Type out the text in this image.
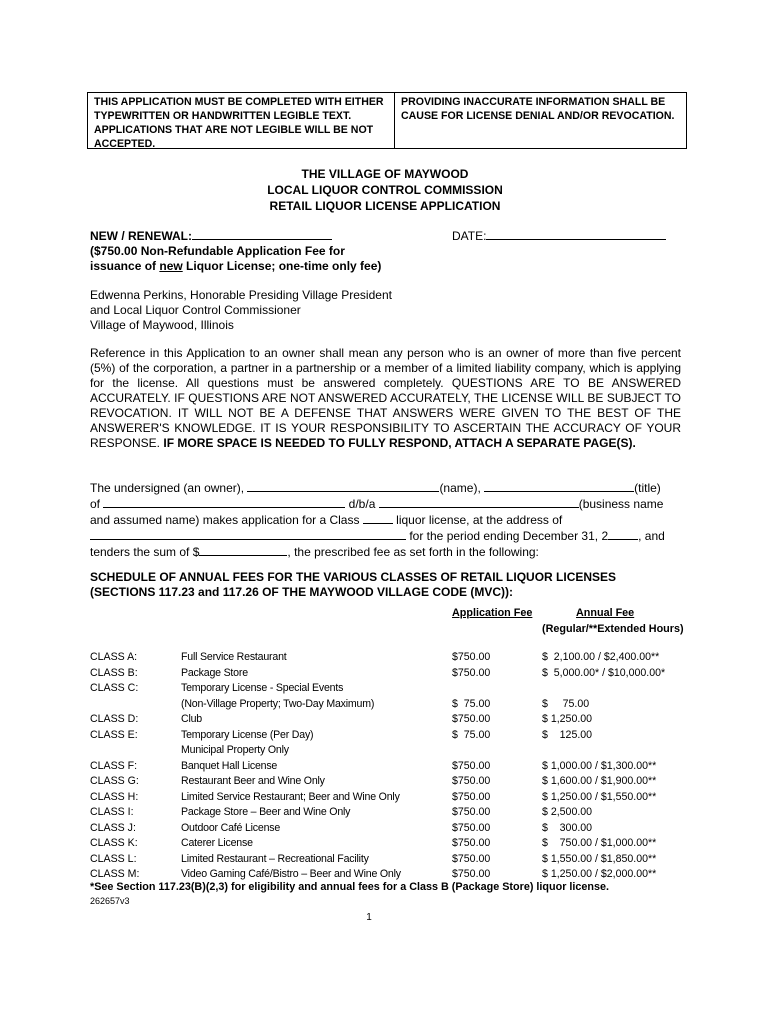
THIS APPLICATION MUST BE COMPLETED WITH EITHER TYPEWRITTEN OR HANDWRITTEN LEGIBLE TEXT. APPLICATIONS THAT ARE NOT LEGIBLE WILL BE NOT ACCEPTED.
PROVIDING INACCURATE INFORMATION SHALL BE CAUSE FOR LICENSE DENIAL AND/OR REVOCATION.
THE VILLAGE OF MAYWOOD
LOCAL LIQUOR CONTROL COMMISSION
RETAIL LIQUOR LICENSE APPLICATION
NEW / RENEWAL:
($750.00 Non-Refundable Application Fee for
issuance of new Liquor License; one-time only fee)
DATE:
Edwenna Perkins, Honorable Presiding Village President
and Local Liquor Control Commissioner
Village of Maywood, Illinois
Reference in this Application to an owner shall mean any person who is an owner of more than five percent (5%) of the corporation, a partner in a partnership or a member of a limited liability company, which is applying for the license. All questions must be answered completely. QUESTIONS ARE TO BE ANSWERED ACCURATELY. IF QUESTIONS ARE NOT ANSWERED ACCURATELY, THE LICENSE WILL BE SUBJECT TO REVOCATION. IT WILL NOT BE A DEFENSE THAT ANSWERS WERE GIVEN TO THE BEST OF THE ANSWERER'S KNOWLEDGE. IT IS YOUR RESPONSIBILITY TO ASCERTAIN THE ACCURACY OF YOUR RESPONSE. IF MORE SPACE IS NEEDED TO FULLY RESPOND, ATTACH A SEPARATE PAGE(S).
The undersigned (an owner),	(name),	(title)
of	d/b/a	(business name
and assumed name) makes application for a Class	liquor license, at the address of
for the period ending December 31, 2	, and
tenders the sum of $	, the prescribed fee as set forth in the following:
SCHEDULE OF ANNUAL FEES FOR THE VARIOUS CLASSES OF RETAIL LIQUOR LICENSES
(SECTIONS 117.23 and 117.26 OF THE MAYWOOD VILLAGE CODE (MVC)):
Application Fee	Annual Fee
(Regular/**Extended Hours)
CLASS A:	Full Service Restaurant	$750.00	$  2,100.00 / $2,400.00**
CLASS B:	Package Store	$750.00	$  5,000.00* / $10,000.00*
CLASS C:	Temporary License - Special Events
(Non-Village Property; Two-Day Maximum)	$  75.00	$     75.00
CLASS D:	Club	$750.00	$ 1,250.00
CLASS E:	Temporary License (Per Day)	$  75.00	$    125.00
Municipal Property Only
CLASS F:	Banquet Hall License	$750.00	$ 1,000.00 / $1,300.00**
CLASS G:	Restaurant Beer and Wine Only	$750.00	$ 1,600.00 / $1,900.00**
CLASS H:	Limited Service Restaurant; Beer and Wine Only	$750.00	$ 1,250.00 / $1,550.00**
CLASS I:	Package Store – Beer and Wine Only	$750.00	$ 2,500.00
CLASS J:	Outdoor Café License	$750.00	$    300.00
CLASS K:	Caterer License	$750.00	$    750.00 / $1,000.00**
CLASS L:	Limited Restaurant – Recreational Facility	$750.00	$ 1,550.00 / $1,850.00**
CLASS M:	Video Gaming Café/Bistro – Beer and Wine Only	$750.00	$ 1,250.00 / $2,000.00**
*See Section 117.23(B)(2,3) for eligibility and annual fees for a Class B (Package Store) liquor license.
262657v3
1
